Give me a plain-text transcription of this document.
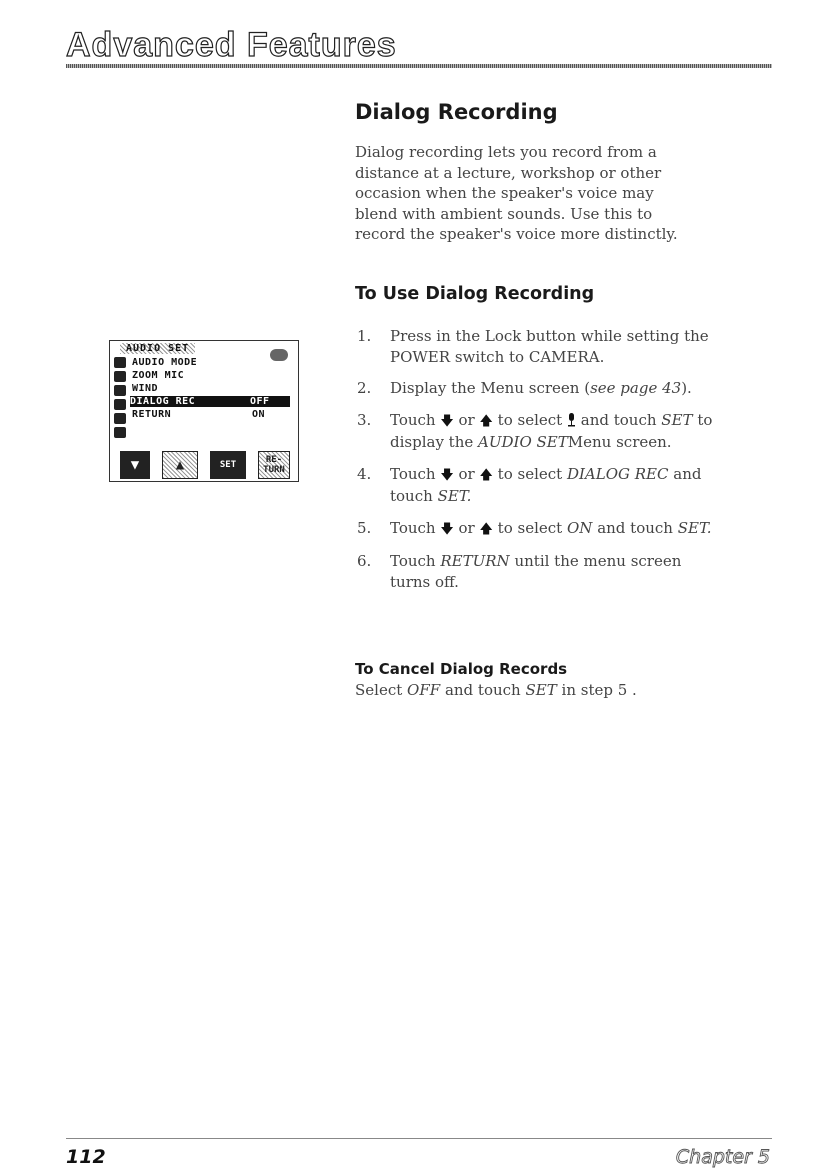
Advanced Features
Dialog Recording
Dialog recording lets you record from a distance at a lecture, workshop or other occasion when the speaker's voice may blend with ambient sounds. Use this to record the speaker's voice more distinctly.
To Use Dialog Recording
1. Press in the Lock button while setting the POWER switch to CAMERA.
2. Display the Menu screen (see page 43).
3. Touch 🡇 or 🡅 to select and touch SET to display the AUDIO SETMenu screen.
4. Touch 🡇 or 🡅 to select DIALOG REC and touch SET.
5. Touch 🡇 or 🡅 to select ON and touch SET.
6. Touch RETURN until the menu screen turns off.
To Cancel Dialog Records
Select OFF and touch SET in step 5 .
AUDIO SET
AUDIO MODE
ZOOM MIC
WIND
DIALOG REC	OFF
RETURN	ON
▼	▲	SET	RE-
TURN
112	Chapter 5
